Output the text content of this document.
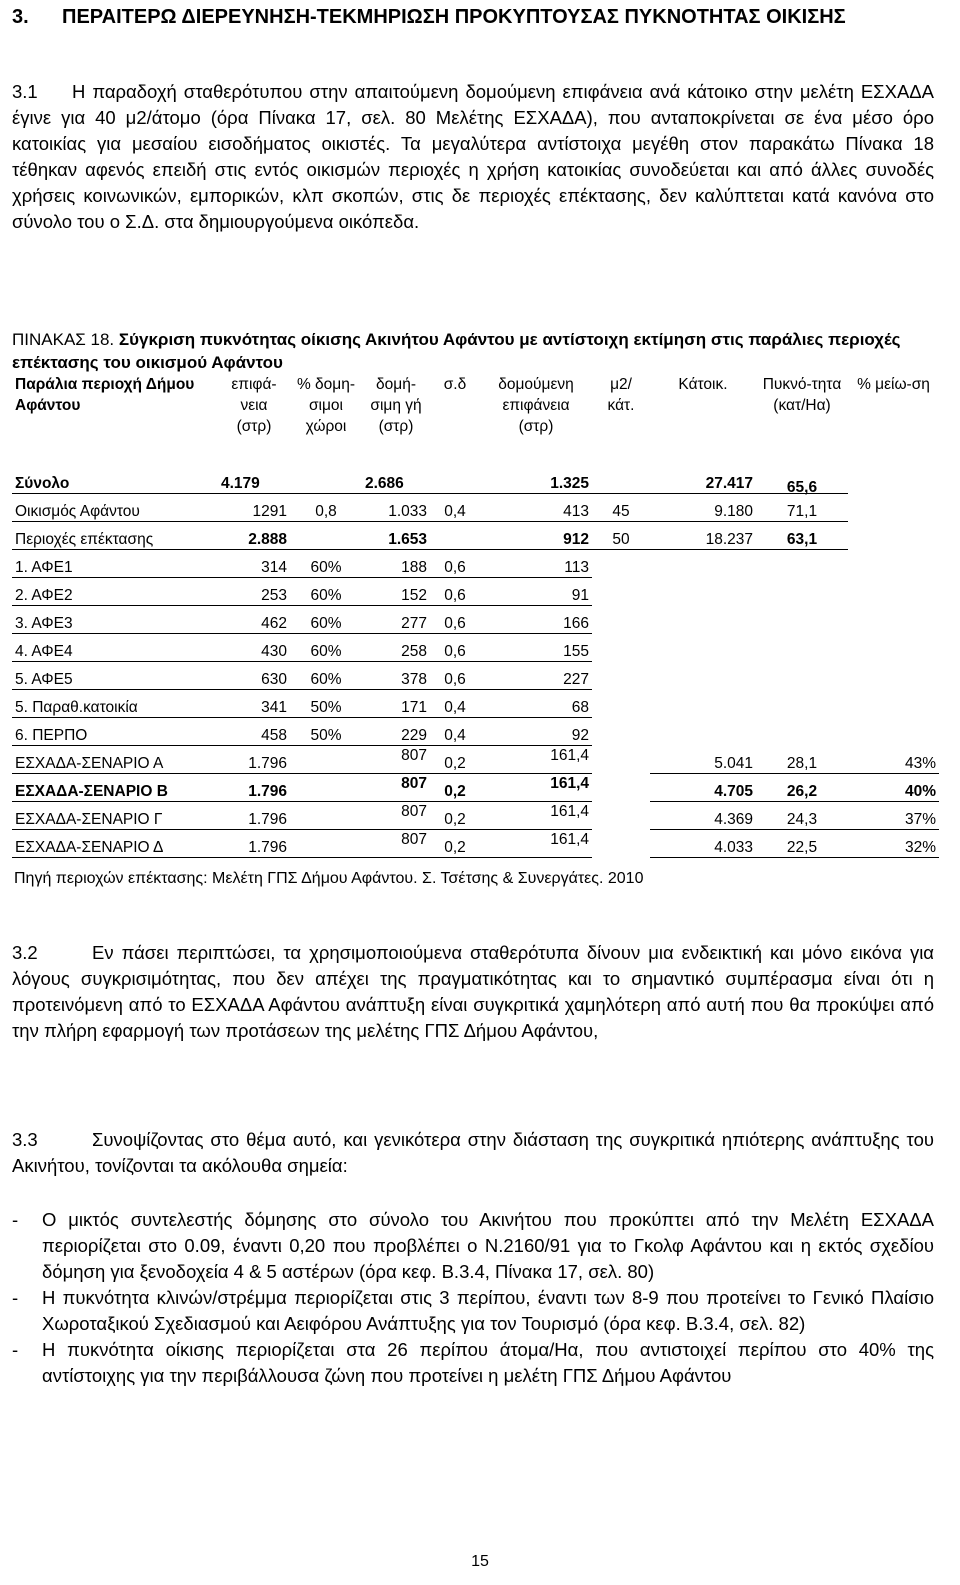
3.	ΠΕΡΑΙΤΕΡΩ ΔΙΕΡΕΥΝΗΣΗ-ΤΕΚΜΗΡΙΩΣΗ ΠΡΟΚΥΠΤΟΥΣΑΣ ΠΥΚΝΟΤΗΤΑΣ ΟΙΚΙΣΗΣ
3.1 Η παραδοχή σταθερότυπου στην απαιτούμενη δομούμενη επιφάνεια ανά κάτοικο στην μελέτη ΕΣΧΑΔΑ έγινε για 40 μ2/άτομο (όρα Πίνακα 17, σελ. 80 Μελέτης ΕΣΧΑΔΑ), που ανταποκρίνεται σε ένα μέσο όρο κατοικίας για μεσαίου εισοδήματος οικιστές. Τα μεγαλύτερα αντίστοιχα μεγέθη στον παρακάτω Πίνακα 18 τέθηκαν αφενός επειδή στις εντός οικισμών περιοχές η χρήση κατοικίας συνοδεύεται και από άλλες συνοδές χρήσεις κοινωνικών, εμπορικών, κλπ σκοπών, στις δε περιοχές επέκτασης, δεν καλύπτεται κατά κανόνα στο σύνολο του ο Σ.Δ. στα δημιουργούμενα οικόπεδα.
ΠΙΝΑΚΑΣ 18. Σύγκριση πυκνότητας οίκισης Ακινήτου Αφάντου με αντίστοιχη εκτίμηση στις παράλιες περιοχές επέκτασης του οικισμού Αφάντου
Παράλια περιοχή Δήμου Αφάντου	επιφά-νεια (στρ)	% δομη-σιμοι χώροι	δομή-σιμη γή (στρ)	σ.δ	δομούμενη επιφάνεια (στρ)	μ2/ κάτ.	Κάτοικ.	Πυκνό-τητα (κατ/Ηα)	% μείω-ση
Σύνολο	4.179		2.686		1.325		27.417	65,6	
Οικισμός Αφάντου	1291	0,8	1.033	0,4	413	45	9.180	71,1	
Περιοχές επέκτασης	2.888		1.653		912	50	18.237	63,1	
1. ΑΦΕ1	314	60%	188	0,6	113				
2. ΑΦΕ2	253	60%	152	0,6	91				
3. ΑΦΕ3	462	60%	277	0,6	166				
4. ΑΦΕ4	430	60%	258	0,6	155				
5. ΑΦΕ5	630	60%	378	0,6	227				
5. Παραθ.κατοικία	341	50%	171	0,4	68				
6. ΠΕΡΠΟ	458	50%	229	0,4	92				
ΕΣΧΑΔΑ-ΣΕΝΑΡΙΟ Α	1.796		807	0,2	161,4		5.041	28,1	43%
ΕΣΧΑΔΑ-ΣΕΝΑΡΙΟ Β	1.796		807	0,2	161,4		4.705	26,2	40%
ΕΣΧΑΔΑ-ΣΕΝΑΡΙΟ Γ	1.796		807	0,2	161,4		4.369	24,3	37%
ΕΣΧΑΔΑ-ΣΕΝΑΡΙΟ Δ	1.796		807	0,2	161,4		4.033	22,5	32%
Πηγή περιοχών επέκτασης: Μελέτη ΓΠΣ Δήμου Αφάντου. Σ. Τσέτσης & Συνεργάτες. 2010
3.2	Εν πάσει περιπτώσει, τα χρησιμοποιούμενα σταθερότυπα δίνουν μια ενδεικτική και μόνο εικόνα για λόγους συγκρισιμότητας, που δεν απέχει της πραγματικότητας και το σημαντικό συμπέρασμα είναι ότι η προτεινόμενη από το ΕΣΧΑΔΑ Αφάντου ανάπτυξη είναι συγκριτικά χαμηλότερη από αυτή που θα προκύψει από την πλήρη εφαρμογή των προτάσεων της μελέτης ΓΠΣ Δήμου Αφάντου,
3.3	Συνοψίζοντας στο θέμα αυτό, και γενικότερα στην διάσταση της συγκριτικά ηπιότερης ανάπτυξης του Ακινήτου, τονίζονται τα ακόλουθα σημεία:
- Ο μικτός συντελεστής δόμησης στο σύνολο του Ακινήτου που προκύπτει από την Μελέτη ΕΣΧΑΔΑ περιορίζεται στο 0.09, έναντι 0,20 που προβλέπει ο Ν.2160/91 για το Γκολφ Αφάντου και η εκτός σχεδίου δόμηση για ξενοδοχεία 4 & 5 αστέρων (όρα κεφ. Β.3.4, Πίνακα 17, σελ. 80)
- Η πυκνότητα κλινών/στρέμμα περιορίζεται στις 3 περίπου, έναντι των 8-9 που προτείνει το Γενικό Πλαίσιο Χωροταξικού Σχεδιασμού και Αειφόρου Ανάπτυξης για τον Τουρισμό (όρα κεφ. Β.3.4, σελ. 82)
- Η πυκνότητα οίκισης περιορίζεται στα 26 περίπου άτομα/Ηα, που αντιστοιχεί περίπου στο 40% της αντίστοιχης για την περιβάλλουσα ζώνη που προτείνει η μελέτη ΓΠΣ Δήμου Αφάντου
15
